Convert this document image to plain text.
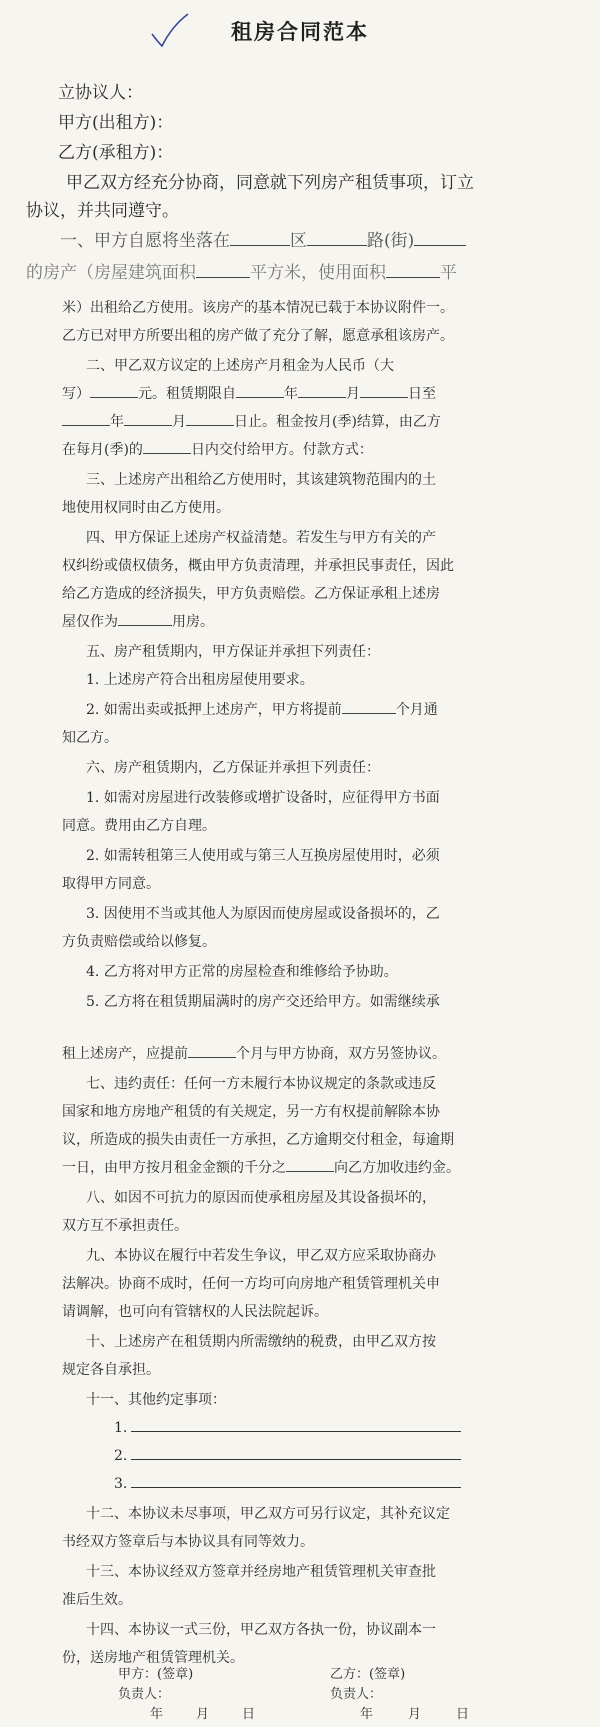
租房合同范本
立协议人：
甲方(出租方)：
乙方(承租方)：
甲乙双方经充分协商，同意就下列房产租赁事项，订立
协议，并共同遵守。
一、甲方自愿将坐落在	区	路(街)
的房产（房屋建筑面积	平方米，使用面积	平
米）出租给乙方使用。该房产的基本情况已载于本协议附件一。
乙方已对甲方所要出租的房产做了充分了解，愿意承租该房产。
二、甲乙双方议定的上述房产月租金为人民币（大
写）	元。租赁期限自	年	月	日至
年	月	日止。租金按月(季)结算，由乙方
在每月(季)的	日内交付给甲方。付款方式：
三、上述房产出租给乙方使用时，其该建筑物范围内的土
地使用权同时由乙方使用。
四、甲方保证上述房产权益清楚。若发生与甲方有关的产
权纠纷或债权债务，概由甲方负责清理，并承担民事责任，因此
给乙方造成的经济损失，甲方负责赔偿。乙方保证承租上述房
屋仅作为	用房。
五、房产租赁期内，甲方保证并承担下列责任：
1. 上述房产符合出租房屋使用要求。
2. 如需出卖或抵押上述房产，甲方将提前	个月通
知乙方。
六、房产租赁期内，乙方保证并承担下列责任：
1. 如需对房屋进行改装修或增扩设备时，应征得甲方书面
同意。费用由乙方自理。
2. 如需转租第三人使用或与第三人互换房屋使用时，必须
取得甲方同意。
3. 因使用不当或其他人为原因而使房屋或设备损坏的，乙
方负责赔偿或给以修复。
4. 乙方将对甲方正常的房屋检查和维修给予协助。
5. 乙方将在租赁期届满时的房产交还给甲方。如需继续承
租上述房产，应提前	个月与甲方协商，双方另签协议。
七、违约责任：任何一方未履行本协议规定的条款或违反
国家和地方房地产租赁的有关规定，另一方有权提前解除本协
议，所造成的损失由责任一方承担，乙方逾期交付租金，每逾期
一日，由甲方按月租金金额的千分之	向乙方加收违约金。
八、如因不可抗力的原因而使承租房屋及其设备损坏的，
双方互不承担责任。
九、本协议在履行中若发生争议，甲乙双方应采取协商办
法解决。协商不成时，任何一方均可向房地产租赁管理机关申
请调解，也可向有管辖权的人民法院起诉。
十、上述房产在租赁期内所需缴纳的税费，由甲乙双方按
规定各自承担。
十一、其他约定事项：
1.
2.
3.
十二、本协议未尽事项，甲乙双方可另行议定，其补充议定
书经双方签章后与本协议具有同等效力。
十三、本协议经双方签章并经房地产租赁管理机关审查批
准后生效。
十四、本协议一式三份，甲乙双方各执一份，协议副本一
份，送房地产租赁管理机关。
甲方：(签章)	乙方：(签章)
负责人：	负责人：
年	月	日	年	月	日
